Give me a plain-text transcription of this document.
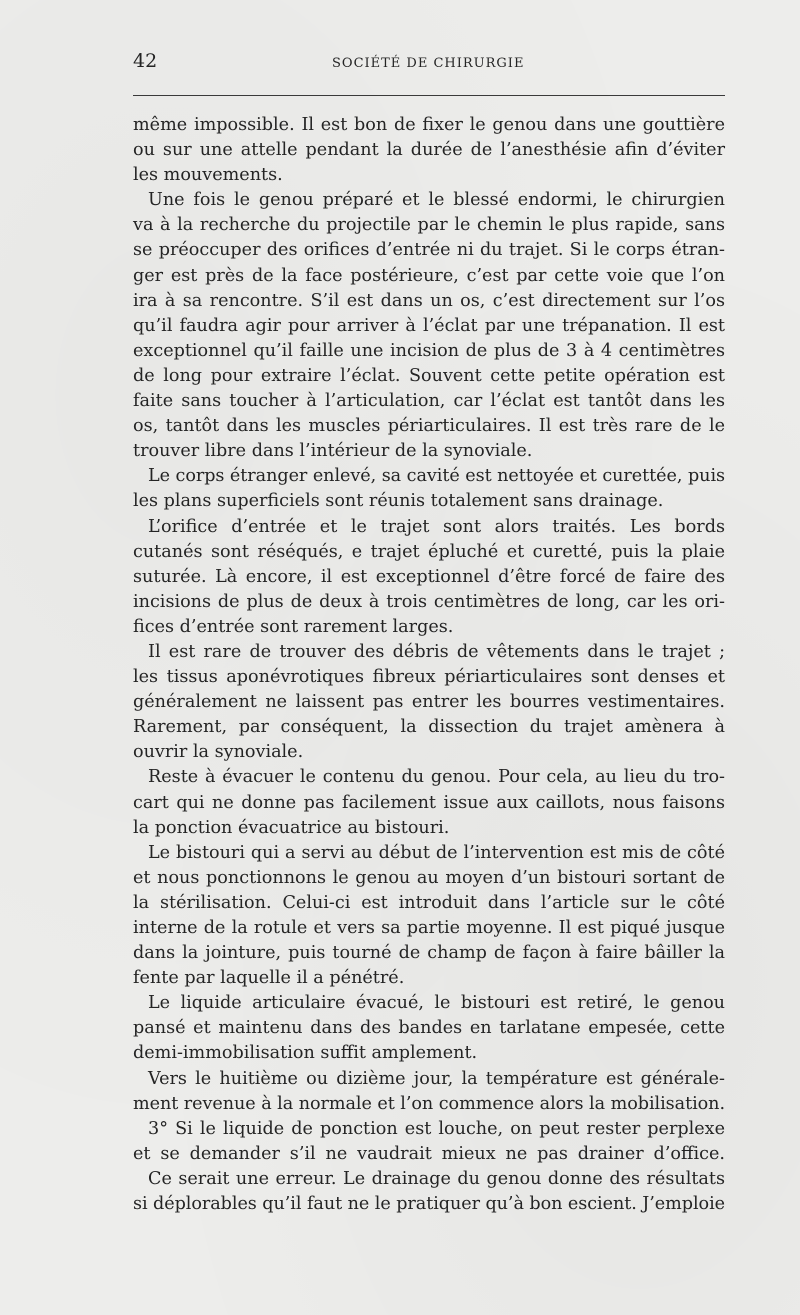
42	SOCIÉTÉ DE CHIRURGIE
même impossible. Il est bon de fixer le genou dans une gouttière
ou sur une attelle pendant la durée de l’anesthésie afin d’éviter
les mouvements.
Une fois le genou préparé et le blessé endormi, le chirurgien
va à la recherche du projectile par le chemin le plus rapide, sans
se préoccuper des orifices d’entrée ni du trajet. Si le corps étran-
ger est près de la face postérieure, c’est par cette voie que l’on
ira à sa rencontre. S’il est dans un os, c’est directement sur l’os
qu’il faudra agir pour arriver à l’éclat par une trépanation. Il est
exceptionnel qu’il faille une incision de plus de 3 à 4 centimètres
de long pour extraire l’éclat. Souvent cette petite opération est
faite sans toucher à l’articulation, car l’éclat est tantôt dans les
os, tantôt dans les muscles périarticulaires. Il est très rare de le
trouver libre dans l’intérieur de la synoviale.
Le corps étranger enlevé, sa cavité est nettoyée et curettée, puis
les plans superficiels sont réunis totalement sans drainage.
L’orifice d’entrée et le trajet sont alors traités. Les bords
cutanés sont réséqués, e trajet épluché et curetté, puis la plaie
suturée. Là encore, il est exceptionnel d’être forcé de faire des
incisions de plus de deux à trois centimètres de long, car les ori-
fices d’entrée sont rarement larges.
Il est rare de trouver des débris de vêtements dans le trajet ;
les tissus aponévrotiques fibreux périarticulaires sont denses et
généralement ne laissent pas entrer les bourres vestimentaires.
Rarement, par conséquent, la dissection du trajet amènera à
ouvrir la synoviale.
Reste à évacuer le contenu du genou. Pour cela, au lieu du tro-
cart qui ne donne pas facilement issue aux caillots, nous faisons
la ponction évacuatrice au bistouri.
Le bistouri qui a servi au début de l’intervention est mis de côté
et nous ponctionnons le genou au moyen d’un bistouri sortant de
la stérilisation. Celui-ci est introduit dans l’article sur le côté
interne de la rotule et vers sa partie moyenne. Il est piqué jusque
dans la jointure, puis tourné de champ de façon à faire bâiller la
fente par laquelle il a pénétré.
Le liquide articulaire évacué, le bistouri est retiré, le genou
pansé et maintenu dans des bandes en tarlatane empesée, cette
demi-immobilisation suffit amplement.
Vers le huitième ou dizième jour, la température est générale-
ment revenue à la normale et l’on commence alors la mobilisation.
3° Si le liquide de ponction est louche, on peut rester perplexe
et se demander s’il ne vaudrait mieux ne pas drainer d’office.
Ce serait une erreur. Le drainage du genou donne des résultats
si déplorables qu’il faut ne le pratiquer qu’à bon escient. J’emploie
